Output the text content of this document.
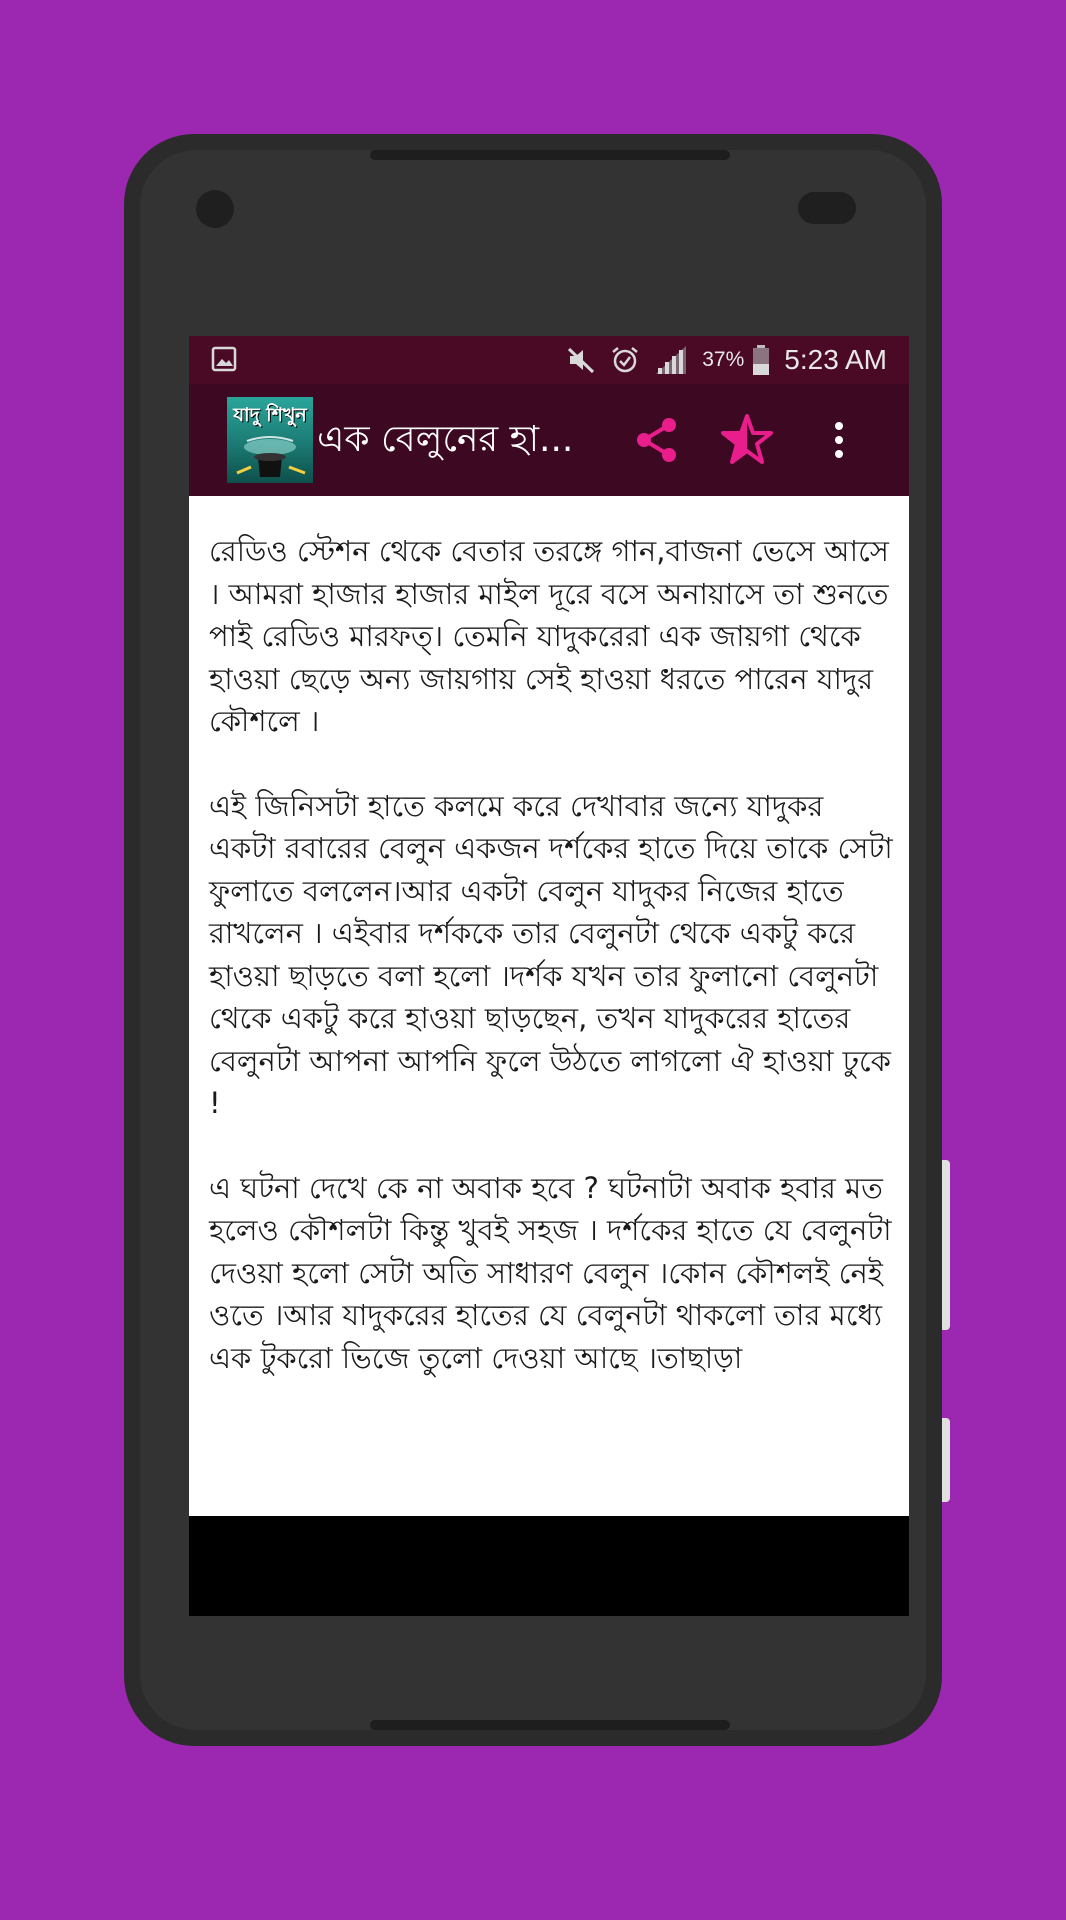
37% 5:23 AM
যাদু শিখুন
এক বেলুনের হা...

রেডিও স্টেশন থেকে বেতার তরঙ্গে গান,বাজনা ভেসে আসে । আমরা হাজার হাজার মাইল দূরে বসে অনায়াসে তা শুনতে পাই রেডিও মারফত্। তেমনি যাদুকরেরা এক জায়গা থেকে হাওয়া ছেড়ে অন্য জায়গায় সেই হাওয়া ধরতে পারেন যাদুর কৌশলে ।

এই জিনিসটা হাতে কলমে করে দেখাবার জন্যে যাদুকর একটা রবারের বেলুন একজন দর্শকের হাতে দিয়ে তাকে সেটা ফুলাতে বললেন।আর একটা বেলুন যাদুকর নিজের হাতে রাখলেন । এইবার দর্শককে তার বেলুনটা থেকে একটু করে হাওয়া ছাড়তে বলা হলো ।দর্শক যখন তার ফুলানো বেলুনটা থেকে একটু করে হাওয়া ছাড়ছেন, তখন যাদুকরের হাতের বেলুনটা আপনা আপনি ফুলে উঠতে লাগলো ঐ হাওয়া ঢুকে !

এ ঘটনা দেখে কে না অবাক হবে ? ঘটনাটা অবাক হবার মত হলেও কৌশলটা কিন্তু খুবই সহজ । দর্শকের হাতে যে বেলুনটা দেওয়া হলো সেটা অতি সাধারণ বেলুন ।কোন কৌশলই নেই ওতে ।আর যাদুকরের হাতের যে বেলুনটা থাকলো তার মধ্যে এক টুকরো ভিজে তুলো দেওয়া আছে ।তাছাড়া
